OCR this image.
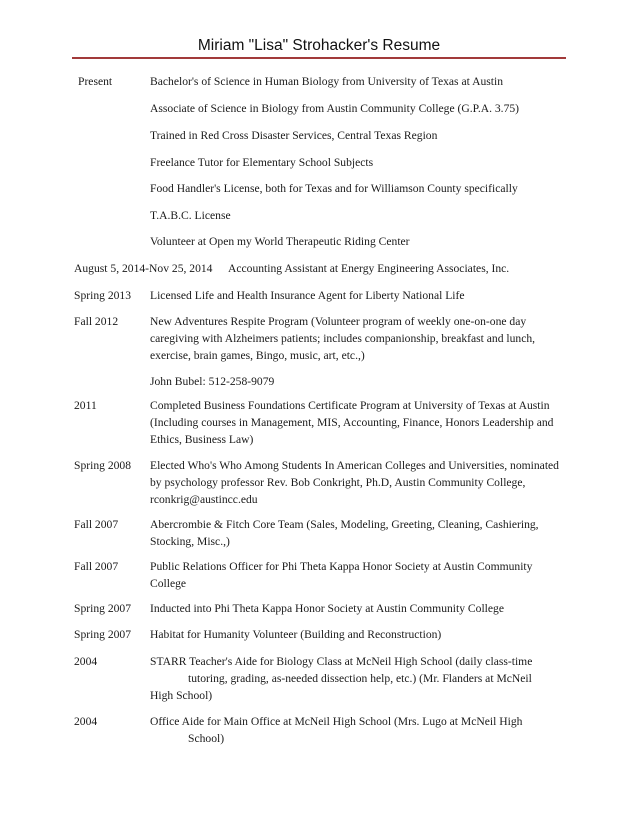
Miriam "Lisa" Strohacker's Resume
Present	Bachelor's of Science in Human Biology from University of Texas at Austin
Associate of Science in Biology from Austin Community College (G.P.A. 3.75)
Trained in Red Cross Disaster Services, Central Texas Region
Freelance Tutor for Elementary School Subjects
Food Handler's License, both for Texas and for Williamson County specifically
T.A.B.C. License
Volunteer at Open my World Therapeutic Riding Center
August 5, 2014-Nov 25, 2014 Accounting Assistant at Energy Engineering Associates, Inc.
Spring 2013 Licensed Life and Health Insurance Agent for Liberty National Life
Fall 2012	New Adventures Respite Program (Volunteer program of weekly one-on-one day caregiving with Alzheimers patients; includes companionship, breakfast and lunch, exercise, brain games, Bingo, music, art, etc.,)
John Bubel: 512-258-9079
2011	Completed Business Foundations Certificate Program at University of Texas at Austin (Including courses in Management, MIS, Accounting, Finance, Honors Leadership and Ethics, Business Law)
Spring 2008 Elected Who's Who Among Students In American Colleges and Universities, nominated by psychology professor Rev. Bob Conkright, Ph.D, Austin Community College, rconkrig@austincc.edu
Fall 2007	Abercrombie & Fitch Core Team (Sales, Modeling, Greeting, Cleaning, Cashiering, Stocking, Misc.,)
Fall 2007	Public Relations Officer for Phi Theta Kappa Honor Society at Austin Community College
Spring 2007 Inducted into Phi Theta Kappa Honor Society at Austin Community College
Spring 2007 Habitat for Humanity Volunteer (Building and Reconstruction)
2004	STARR Teacher's Aide for Biology Class at McNeil High School (daily class-time
tutoring, grading, as-needed dissection help, etc.) (Mr. Flanders at McNeil
High School)
2004	Office Aide for Main Office at McNeil High School (Mrs. Lugo at McNeil High
School)
